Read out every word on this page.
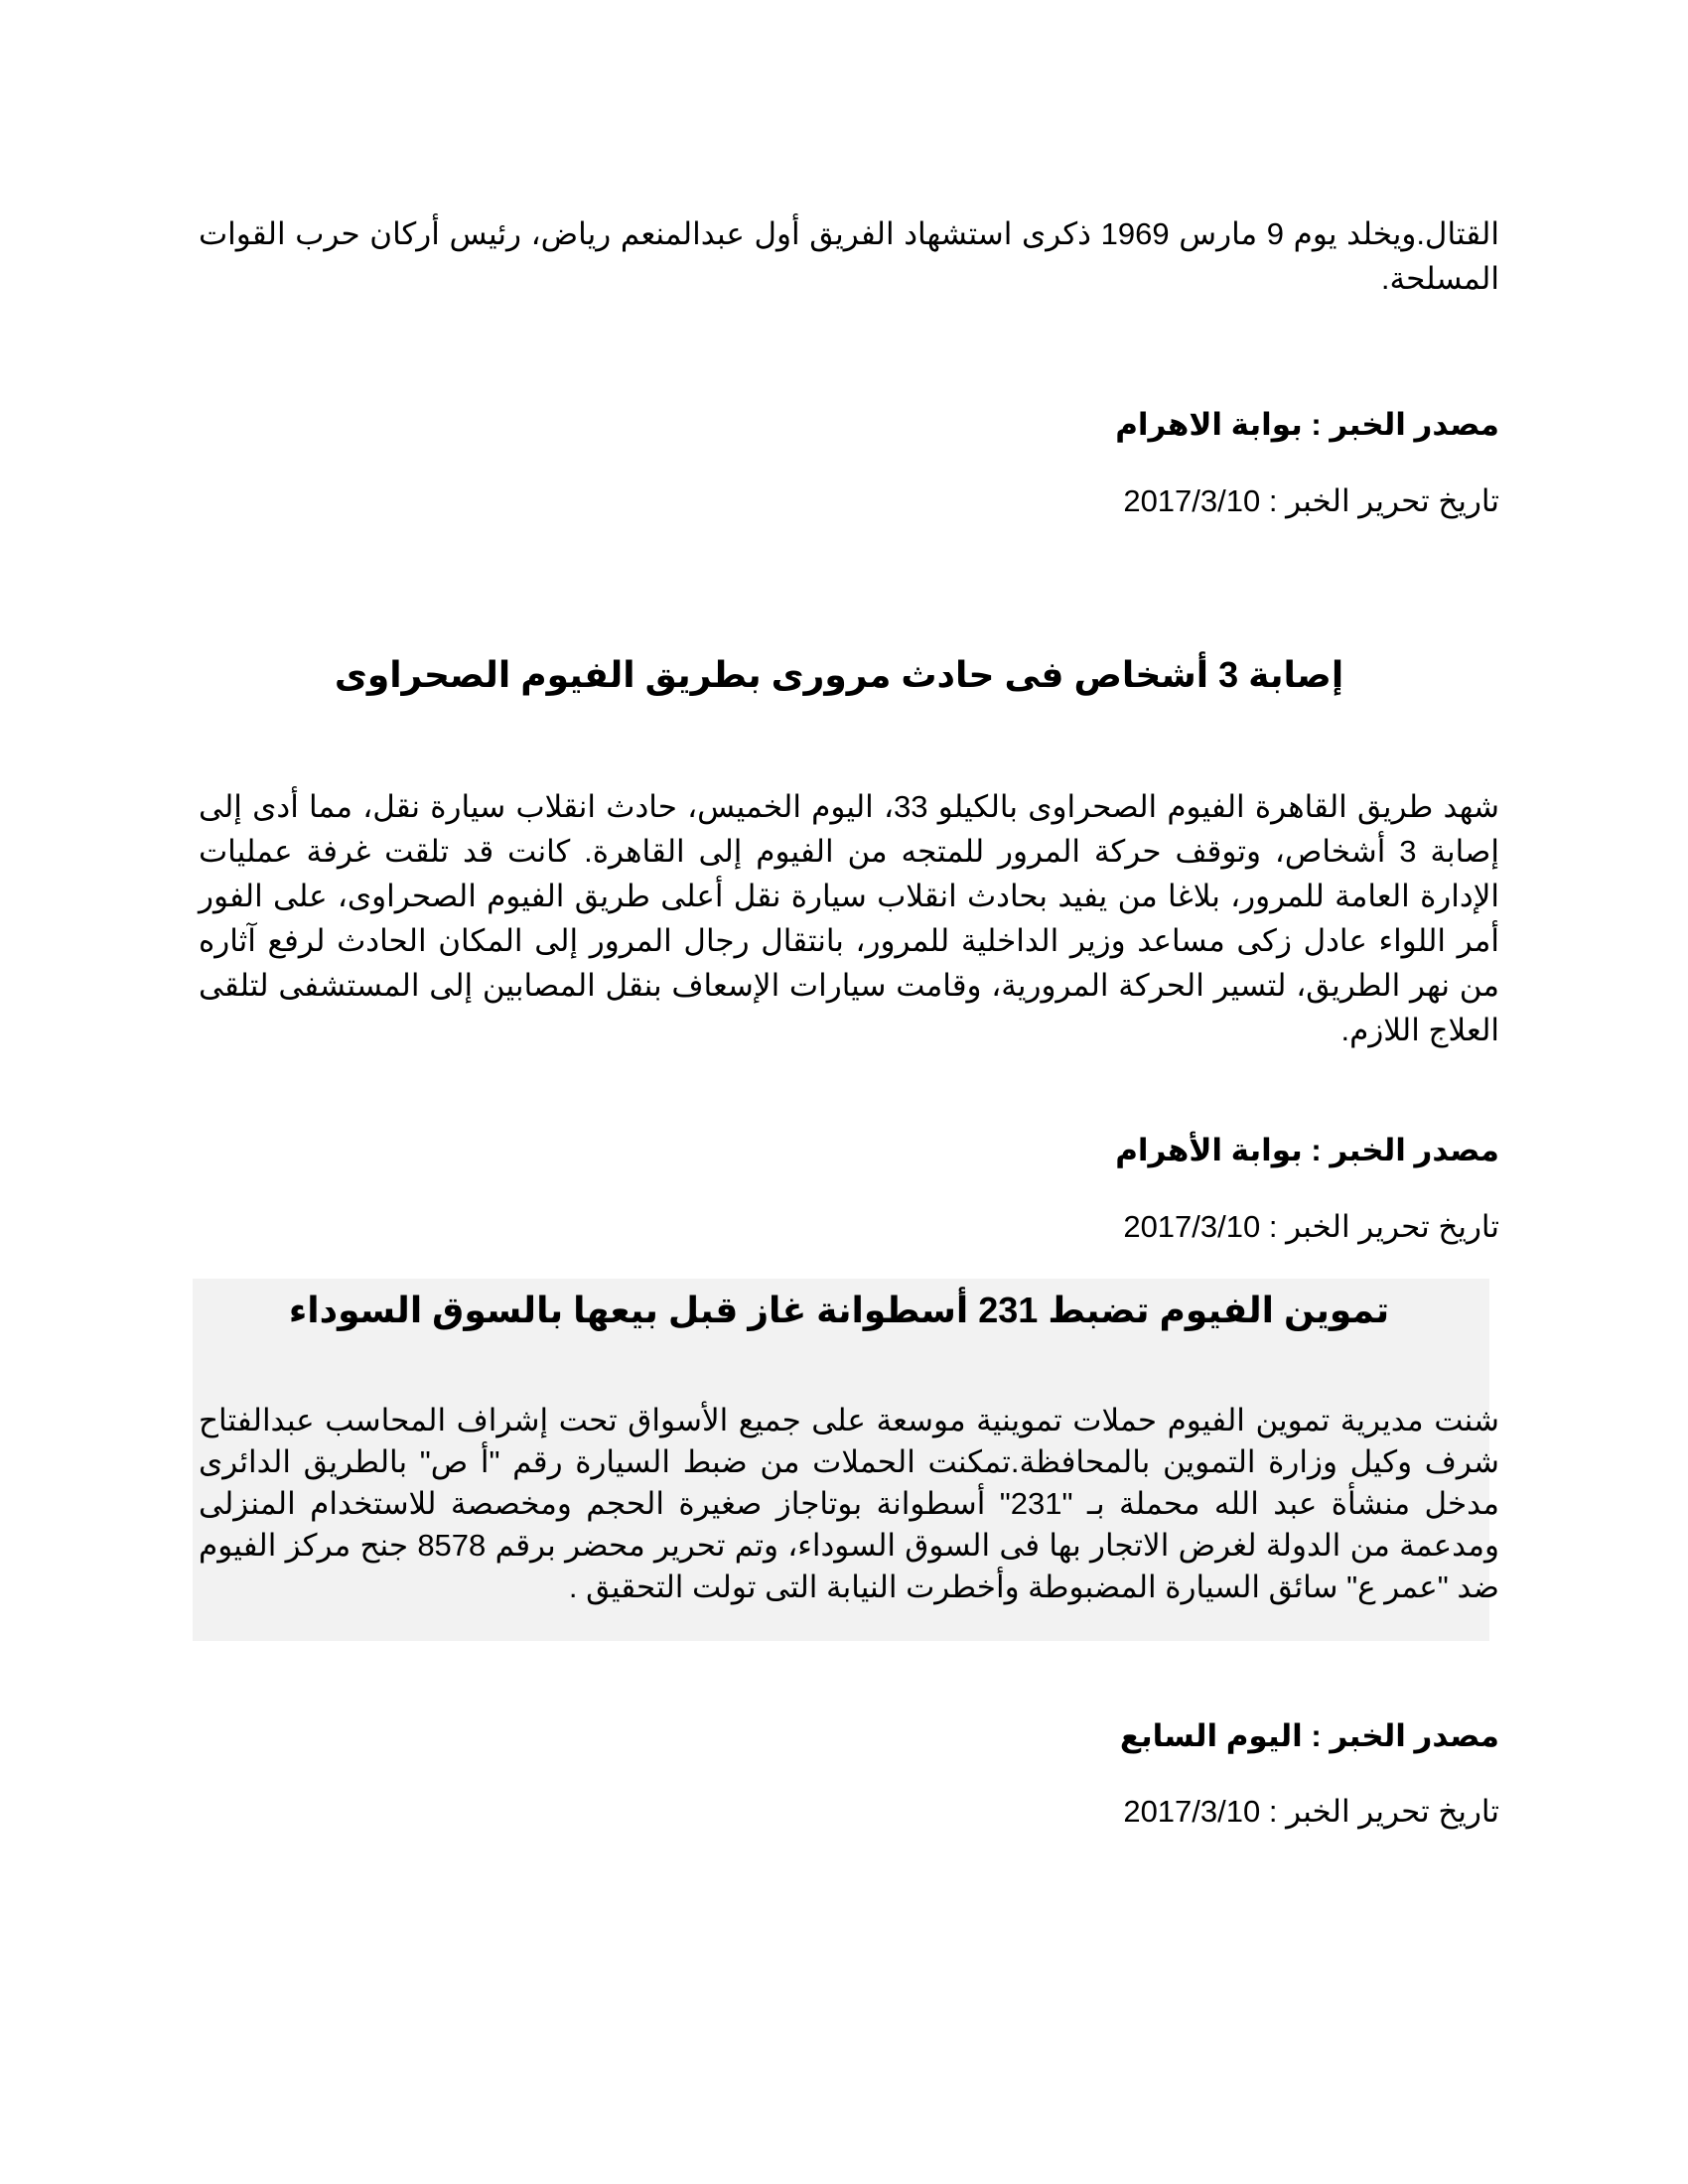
القتال.ويخلد يوم 9 مارس 1969 ذكرى استشهاد الفريق أول عبدالمنعم رياض، رئيس أركان حرب القوات المسلحة.

مصدر الخبر : بوابة الاهرام

تاريخ تحرير الخبر : 2017/3/10

إصابة 3 أشخاص فى حادث مرورى بطريق الفيوم الصحراوى

شهد طريق القاهرة الفيوم الصحراوى بالكيلو 33، اليوم الخميس، حادث انقلاب سيارة نقل، مما أدى إلى إصابة 3 أشخاص، وتوقف حركة المرور للمتجه من الفيوم إلى القاهرة. كانت قد تلقت غرفة عمليات الإدارة العامة للمرور، بلاغا من يفيد بحادث انقلاب سيارة نقل أعلى طريق الفيوم الصحراوى، على الفور أمر اللواء عادل زكى مساعد وزير الداخلية للمرور، بانتقال رجال المرور إلى المكان الحادث لرفع آثاره من نهر الطريق، لتسير الحركة المرورية، وقامت سيارات الإسعاف بنقل المصابين إلى المستشفى لتلقى العلاج اللازم.

مصدر الخبر : بوابة الأهرام

تاريخ تحرير الخبر : 2017/3/10

تموين الفيوم تضبط 231 أسطوانة غاز قبل بيعها بالسوق السوداء

شنت مديرية تموين الفيوم حملات تموينية موسعة على جميع الأسواق تحت إشراف المحاسب عبدالفتاح شرف وكيل وزارة التموين بالمحافظة.تمكنت الحملات من ضبط السيارة رقم "أ ص" بالطريق الدائرى مدخل منشأة عبد الله محملة بـ "231" أسطوانة بوتاجاز صغيرة الحجم ومخصصة للاستخدام المنزلى ومدعمة من الدولة لغرض الاتجار بها فى السوق السوداء، وتم تحرير محضر برقم 8578 جنح مركز الفيوم ضد "عمر ع" سائق السيارة المضبوطة وأخطرت النيابة التى تولت التحقيق .

مصدر الخبر : اليوم السابع

تاريخ تحرير الخبر : 2017/3/10
